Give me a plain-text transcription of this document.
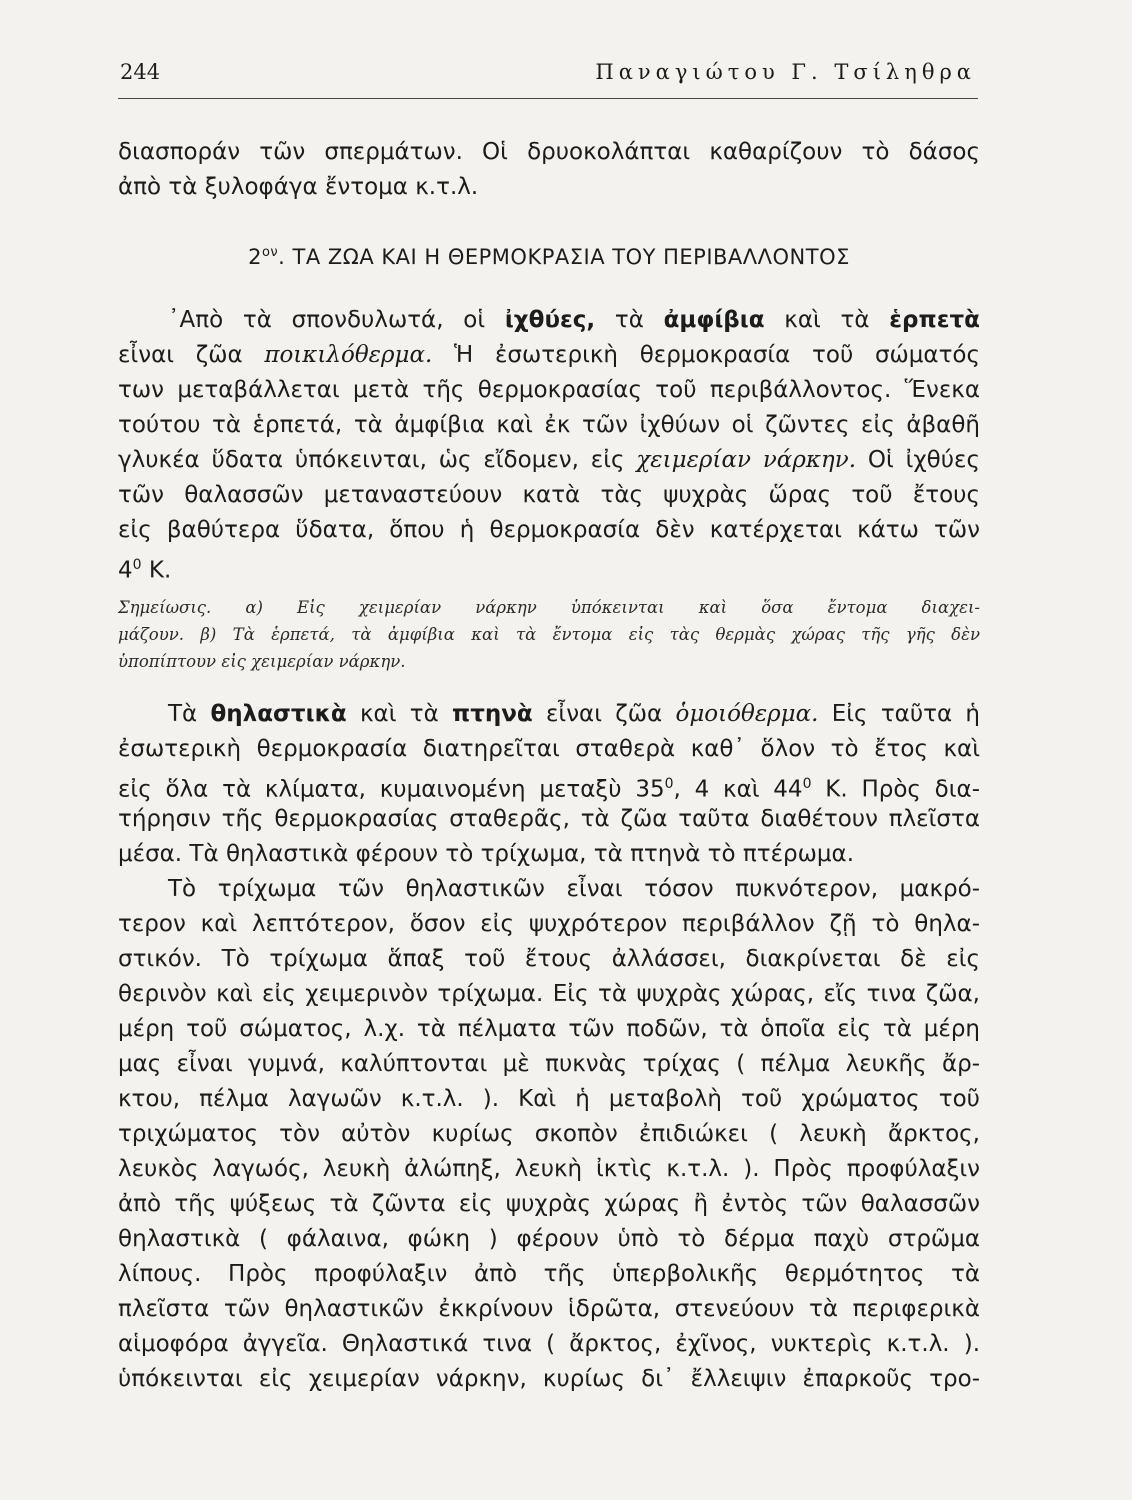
244	Παναγιώτου Γ. Τσίληθρα
διασποράν τῶν σπερμάτων. Οἱ δρυοκολάπται καθαρίζουν τὸ δάσος
ἀπὸ τὰ ξυλοφάγα ἔντομα κ.τ.λ.
$2^{o\nu}$. ΤΑ ΖΩΑ ΚΑΙ Η ΘΕΡΜΟΚΡΑΣΙΑ ΤΟΥ ΠΕΡΙΒΑΛΛΟΝΤΟΣ
᾿Απὸ τὰ σπονδυλωτά, οἱ ἰχθύες, τὰ ἀμφίβια καὶ τὰ ἑρπετὰ
εἶναι ζῶα ποικιλόθερμα. Ἡ ἐσωτερικὴ θερμοκρασία τοῦ σώματός
των μεταβάλλεται μετὰ τῆς θερμοκρασίας τοῦ περιβάλλοντος. Ἕνεκα
τούτου τὰ ἑρπετά, τὰ ἀμφίβια καὶ ἐκ τῶν ἰχθύων οἱ ζῶντες εἰς ἀβαθῆ
γλυκέα ὕδατα ὑπόκεινται, ὡς εἴδομεν, εἰς χειμερίαν νάρκην. Οἱ ἰχθύες
τῶν θαλασσῶν μεταναστεύουν κατὰ τὰς ψυχρὰς ὥρας τοῦ ἔτους
εἰς βαθύτερα ὕδατα, ὅπου ἡ θερμοκρασία δὲν κατέρχεται κάτω τῶν
$4^0$ Κ.
Σημείωσις. α) Εἰς χειμερίαν νάρκην ὑπόκεινται καὶ ὅσα ἔντομα διαχει-
μάζουν. β) Τὰ ἑρπετά, τὰ ἀμφίβια καὶ τὰ ἔντομα εἰς τὰς θερμὰς χώρας τῆς γῆς δὲν
ὑποπίπτουν εἰς χειμερίαν νάρκην.
Τὰ θηλαστικὰ καὶ τὰ πτηνὰ εἶναι ζῶα ὁμοιόθερμα. Εἰς ταῦτα ἡ
ἐσωτερικὴ θερμοκρασία διατηρεῖται σταθερὰ καθ᾿ ὅλον τὸ ἔτος καὶ
εἰς ὅλα τὰ κλίματα, κυμαινομένη μεταξὺ $35^0$, 4 καὶ $44^0$ Κ. Πρὸς δια-
τήρησιν τῆς θερμοκρασίας σταθερᾶς, τὰ ζῶα ταῦτα διαθέτουν πλεῖστα
μέσα. Τὰ θηλαστικὰ φέρουν τὸ τρίχωμα, τὰ πτηνὰ τὸ πτέρωμα.
Τὸ τρίχωμα τῶν θηλαστικῶν εἶναι τόσον πυκνότερον, μακρό-
τερον καὶ λεπτότερον, ὅσον εἰς ψυχρότερον περιβάλλον ζῇ τὸ θηλα-
στικόν. Τὸ τρίχωμα ἅπαξ τοῦ ἔτους ἀλλάσσει, διακρίνεται δὲ εἰς
θερινὸν καὶ εἰς χειμερινὸν τρίχωμα. Εἰς τὰ ψυχρὰς χώρας, εἴς τινα ζῶα,
μέρη τοῦ σώματος, λ.χ. τὰ πέλματα τῶν ποδῶν, τὰ ὁποῖα εἰς τὰ μέρη
μας εἶναι γυμνά, καλύπτονται μὲ πυκνὰς τρίχας ( πέλμα λευκῆς ἄρ-
κτου, πέλμα λαγωῶν κ.τ.λ. ). Καὶ ἡ μεταβολὴ τοῦ χρώματος τοῦ
τριχώματος τὸν αὐτὸν κυρίως σκοπὸν ἐπιδιώκει ( λευκὴ ἄρκτος,
λευκὸς λαγωός, λευκὴ ἀλώπηξ, λευκὴ ἰκτὶς κ.τ.λ. ). Πρὸς προφύλαξιν
ἀπὸ τῆς ψύξεως τὰ ζῶντα εἰς ψυχρὰς χώρας ἢ ἐντὸς τῶν θαλασσῶν
θηλαστικὰ ( φάλαινα, φώκη ) φέρουν ὑπὸ τὸ δέρμα παχὺ στρῶμα
λίπους. Πρὸς προφύλαξιν ἀπὸ τῆς ὑπερβολικῆς θερμότητος τὰ
πλεῖστα τῶν θηλαστικῶν ἐκκρίνουν ἱδρῶτα, στενεύουν τὰ περιφερικὰ
αἱμοφόρα ἀγγεῖα. Θηλαστικά τινα ( ἄρκτος, ἐχῖνος, νυκτερὶς κ.τ.λ. ).
ὑπόκεινται εἰς χειμερίαν νάρκην, κυρίως δι᾿ ἔλλειψιν ἐπαρκοῦς τρο-
